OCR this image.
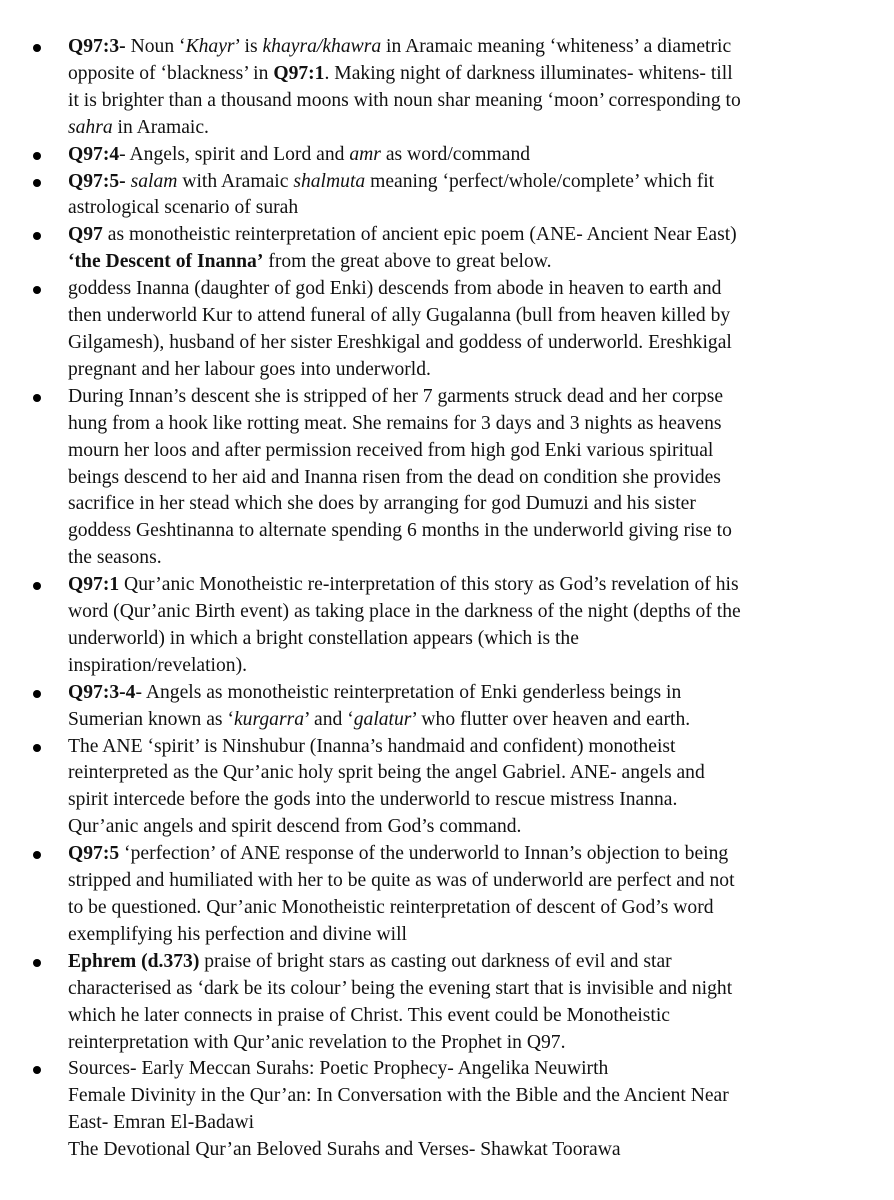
Q97:3- Noun ‘Khayr’ is khayra/khawra in Aramaic meaning ‘whiteness’ a diametric
opposite of ‘blackness’ in Q97:1. Making night of darkness illuminates- whitens- till
it is brighter than a thousand moons with noun shar meaning ‘moon’ corresponding to
sahra in Aramaic.
Q97:4- Angels, spirit and Lord and amr as word/command
Q97:5- salam with Aramaic shalmuta meaning ‘perfect/whole/complete’ which fit
astrological scenario of surah
Q97 as monotheistic reinterpretation of ancient epic poem (ANE- Ancient Near East)
‘the Descent of Inanna’ from the great above to great below.
goddess Inanna (daughter of god Enki) descends from abode in heaven to earth and
then underworld Kur to attend funeral of ally Gugalanna (bull from heaven killed by
Gilgamesh), husband of her sister Ereshkigal and goddess of underworld. Ereshkigal
pregnant and her labour goes into underworld.
During Innan’s descent she is stripped of her 7 garments struck dead and her corpse
hung from a hook like rotting meat. She remains for 3 days and 3 nights as heavens
mourn her loos and after permission received from high god Enki various spiritual
beings descend to her aid and Inanna risen from the dead on condition she provides
sacrifice in her stead which she does by arranging for god Dumuzi and his sister
goddess Geshtinanna to alternate spending 6 months in the underworld giving rise to
the seasons.
Q97:1 Qur’anic Monotheistic re-interpretation of this story as God’s revelation of his
word (Qur’anic Birth event) as taking place in the darkness of the night (depths of the
underworld) in which a bright constellation appears (which is the
inspiration/revelation).
Q97:3-4- Angels as monotheistic reinterpretation of Enki genderless beings in
Sumerian known as ‘kurgarra’ and ‘galatur’ who flutter over heaven and earth.
The ANE ‘spirit’ is Ninshubur (Inanna’s handmaid and confident) monotheist
reinterpreted as the Qur’anic holy sprit being the angel Gabriel. ANE- angels and
spirit intercede before the gods into the underworld to rescue mistress Inanna.
Qur’anic angels and spirit descend from God’s command.
Q97:5 ‘perfection’ of ANE response of the underworld to Innan’s objection to being
stripped and humiliated with her to be quite as was of underworld are perfect and not
to be questioned. Qur’anic Monotheistic reinterpretation of descent of God’s word
exemplifying his perfection and divine will
Ephrem (d.373) praise of bright stars as casting out darkness of evil and star
characterised as ‘dark be its colour’ being the evening start that is invisible and night
which he later connects in praise of Christ. This event could be Monotheistic
reinterpretation with Qur’anic revelation to the Prophet in Q97.
Sources- Early Meccan Surahs: Poetic Prophecy- Angelika Neuwirth
Female Divinity in the Qur’an: In Conversation with the Bible and the Ancient Near
East- Emran El-Badawi
The Devotional Qur’an Beloved Surahs and Verses- Shawkat Toorawa
